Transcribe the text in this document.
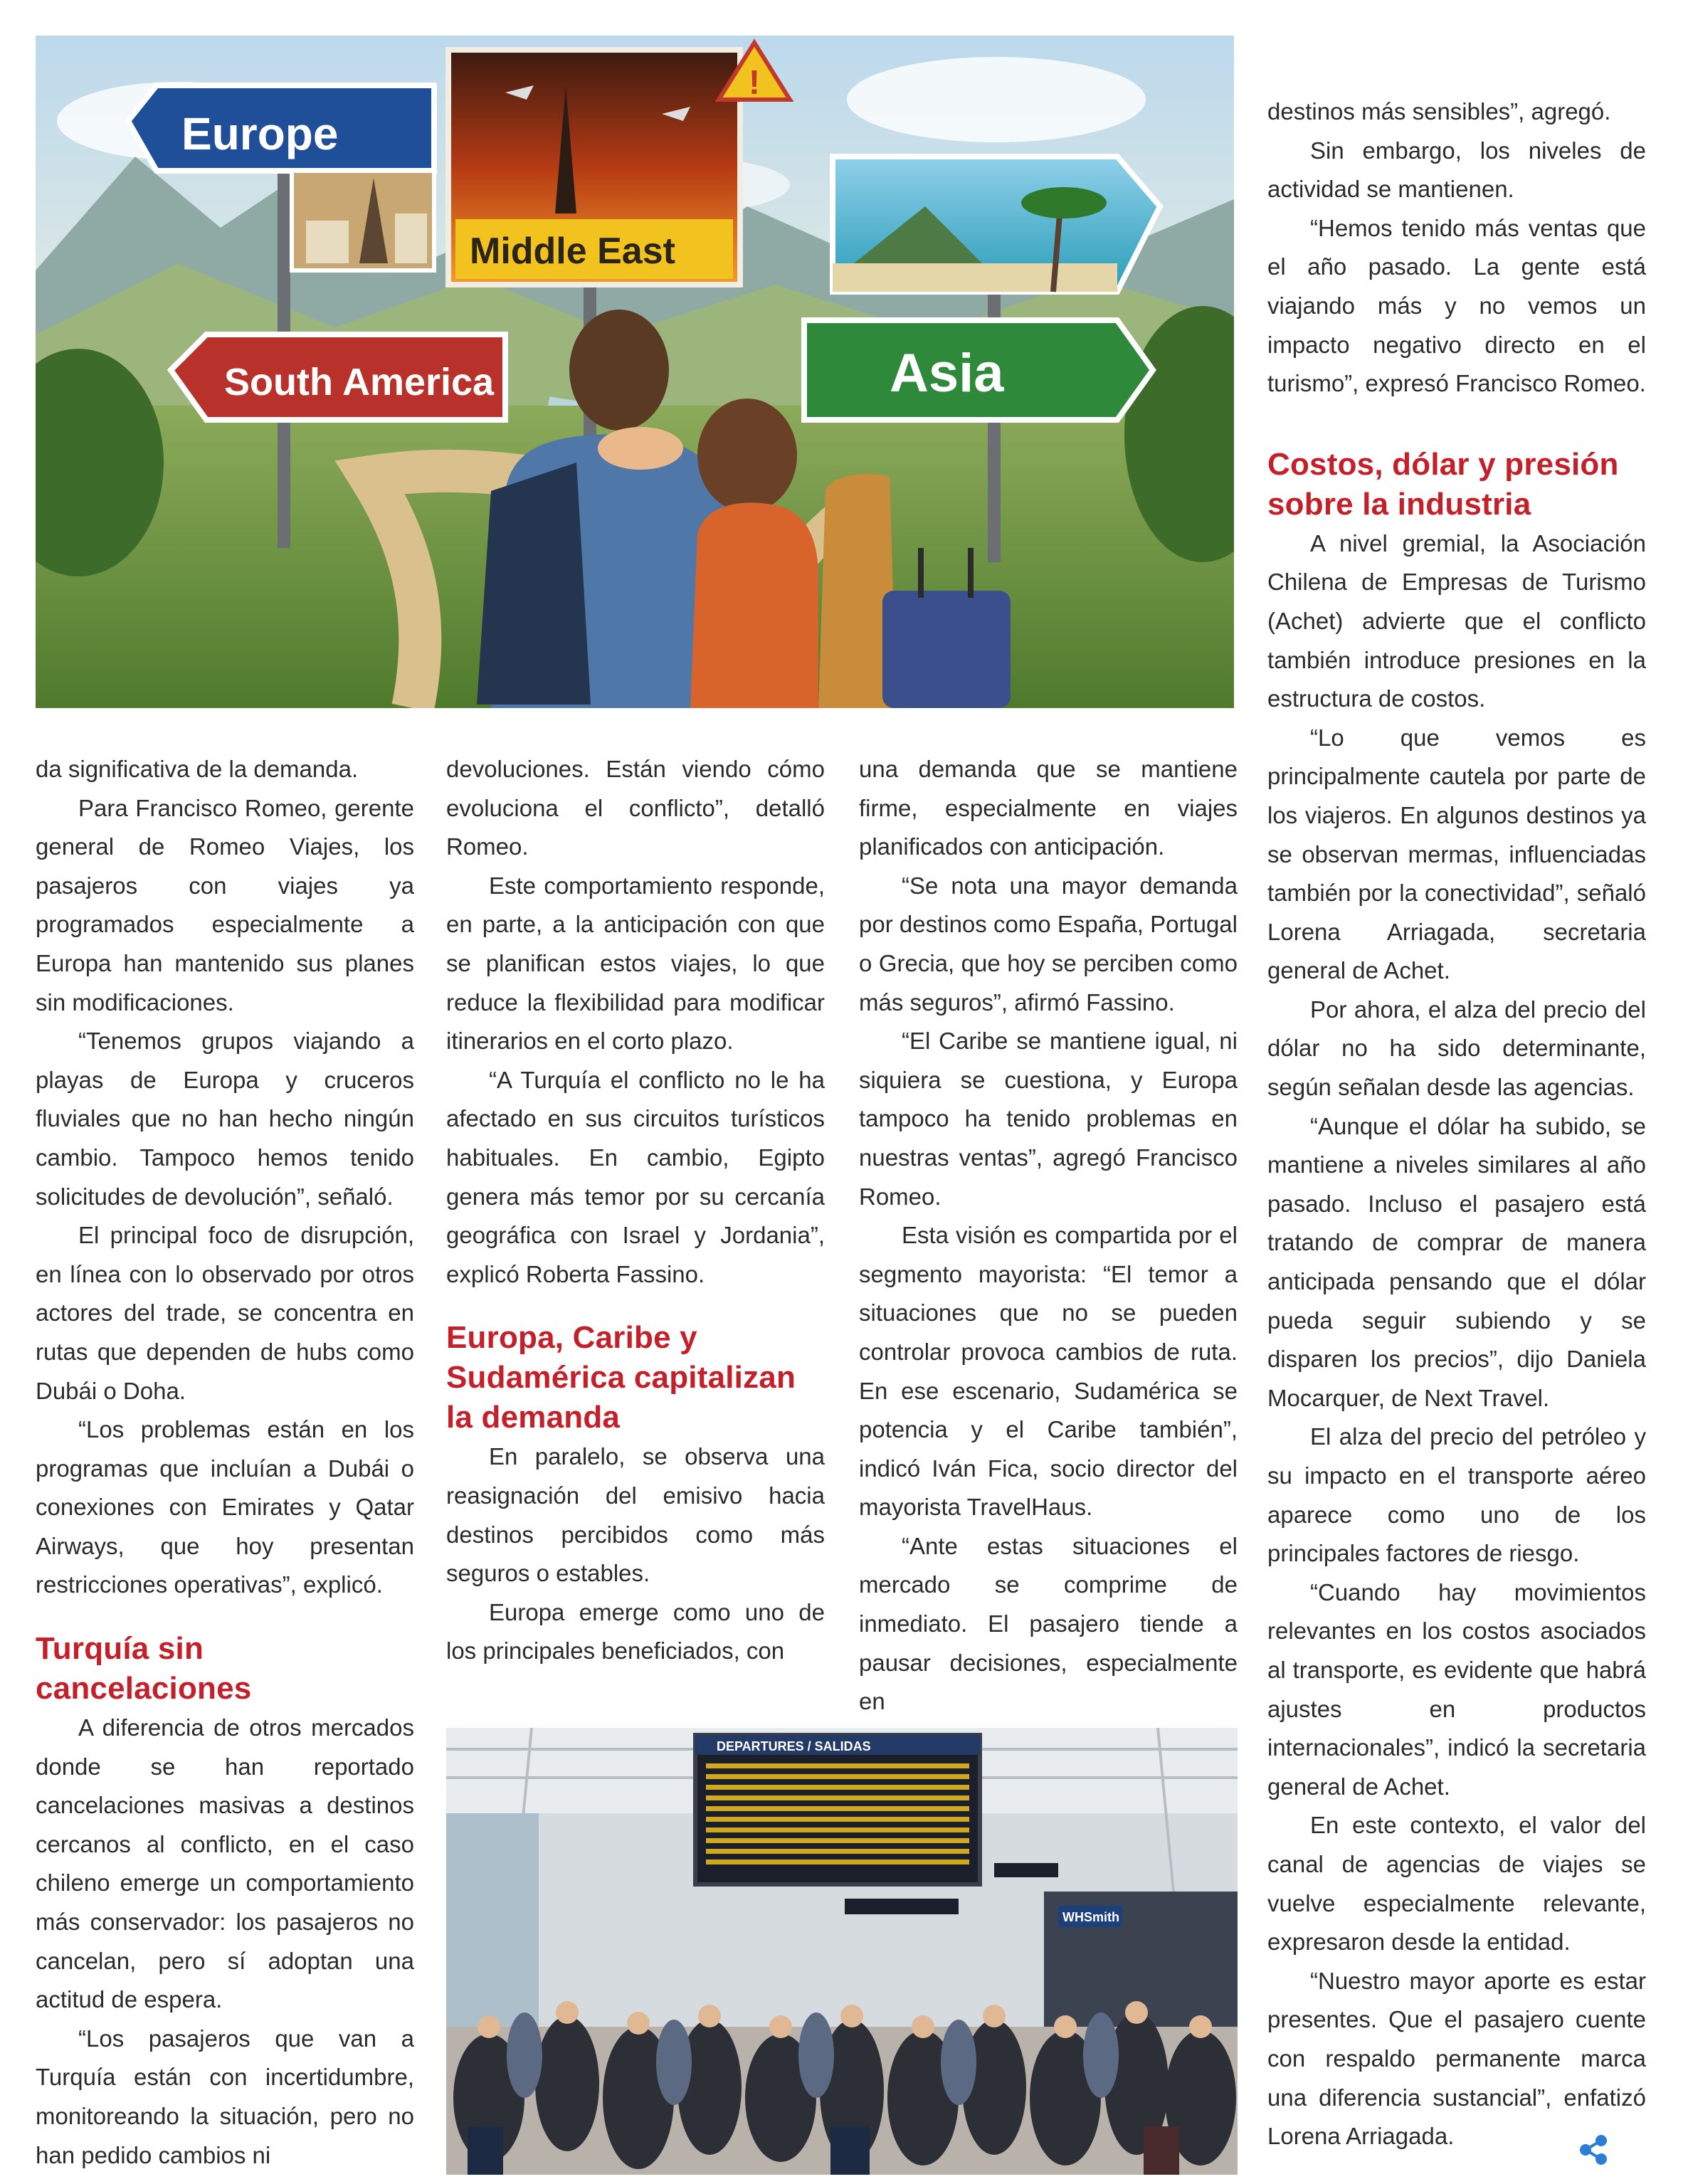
Europe
Middle East
!
Asia
South America

da significativa de la demanda.

Para Francisco Romeo, gerente general de Romeo Viajes, los pasajeros con viajes ya programados especialmente a Europa han mantenido sus planes sin modificaciones.

“Tenemos grupos viajando a playas de Europa y cruceros fluviales que no han hecho ningún cambio. Tampoco hemos tenido solicitudes de devolución”, señaló.

El principal foco de disrupción, en línea con lo observado por otros actores del trade, se concentra en rutas que dependen de hubs como Dubái o Doha.

“Los problemas están en los programas que incluían a Dubái o conexiones con Emirates y Qatar Airways, que hoy presentan restricciones operativas”, explicó.

Turquía sin cancelaciones

A diferencia de otros mercados donde se han reportado cancelaciones masivas a destinos cercanos al conflicto, en el caso chileno emerge un comportamiento más conservador: los pasajeros no cancelan, pero sí adoptan una actitud de espera.

“Los pasajeros que van a Turquía están con incertidumbre, monitoreando la situación, pero no han pedido cambios ni

devoluciones. Están viendo cómo evoluciona el conflicto”, detalló Romeo.

Este comportamiento responde, en parte, a la anticipación con que se planifican estos viajes, lo que reduce la flexibilidad para modificar itinerarios en el corto plazo.

“A Turquía el conflicto no le ha afectado en sus circuitos turísticos habituales. En cambio, Egipto genera más temor por su cercanía geográfica con Israel y Jordania”, explicó Roberta Fassino.

Europa, Caribe y Sudamérica capitalizan la demanda

En paralelo, se observa una reasignación del emisivo hacia destinos percibidos como más seguros o estables.

Europa emerge como uno de los principales beneficiados, con

una demanda que se mantiene firme, especialmente en viajes planificados con anticipación.

“Se nota una mayor demanda por destinos como España, Portugal o Grecia, que hoy se perciben como más seguros”, afirmó Fassino.

“El Caribe se mantiene igual, ni siquiera se cuestiona, y Europa tampoco ha tenido problemas en nuestras ventas”, agregó Francisco Romeo.

Esta visión es compartida por el segmento mayorista: “El temor a situaciones que no se pueden controlar provoca cambios de ruta. En ese escenario, Sudamérica se potencia y el Caribe también”, indicó Iván Fica, socio director del mayorista TravelHaus.

“Ante estas situaciones el mercado se comprime de inmediato. El pasajero tiende a pausar decisiones, especialmente en

DEPARTURES / SALIDAS
WHSmith

destinos más sensibles”, agregó.

Sin embargo, los niveles de actividad se mantienen.

“Hemos tenido más ventas que el año pasado. La gente está viajando más y no vemos un impacto negativo directo en el turismo”, expresó Francisco Romeo.

Costos, dólar y presión sobre la industria

A nivel gremial, la Asociación Chilena de Empresas de Turismo (Achet) advierte que el conflicto también introduce presiones en la estructura de costos.

“Lo que vemos es principalmente cautela por parte de los viajeros. En algunos destinos ya se observan mermas, influenciadas también por la conectividad”, señaló Lorena Arriagada, secretaria general de Achet.

Por ahora, el alza del precio del dólar no ha sido determinante, según señalan desde las agencias.

“Aunque el dólar ha subido, se mantiene a niveles similares al año pasado. Incluso el pasajero está tratando de comprar de manera anticipada pensando que el dólar pueda seguir subiendo y se disparen los precios”, dijo Daniela Mocarquer, de Next Travel.

El alza del precio del petróleo y su impacto en el transporte aéreo aparece como uno de los principales factores de riesgo.

“Cuando hay movimientos relevantes en los costos asociados al transporte, es evidente que habrá ajustes en productos internacionales”, indicó la secretaria general de Achet.

En este contexto, el valor del canal de agencias de viajes se vuelve especialmente relevante, expresaron desde la entidad.

“Nuestro mayor aporte es estar presentes. Que el pasajero cuente con respaldo permanente marca una diferencia sustancial”, enfatizó Lorena Arriagada.
